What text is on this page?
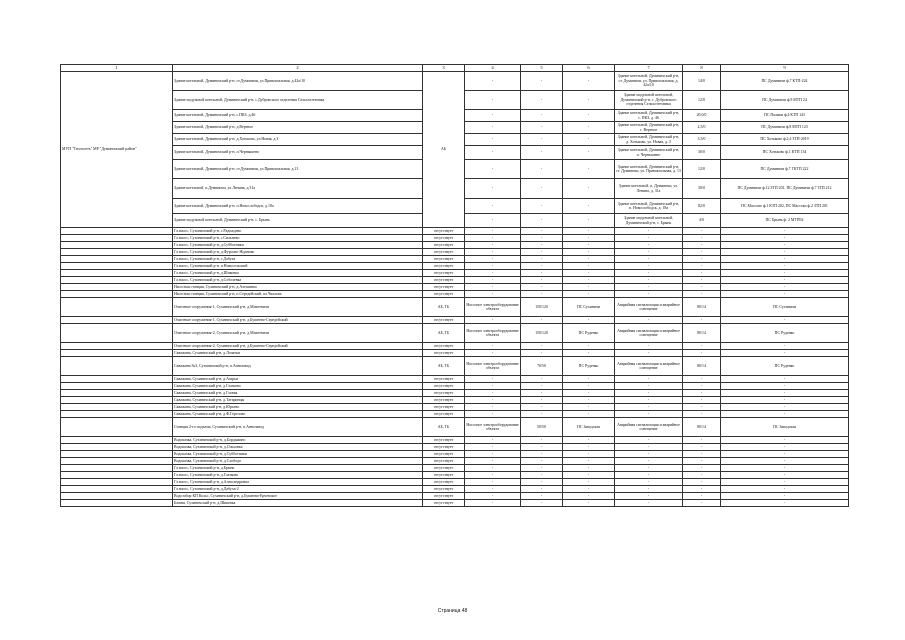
1	2	3	4	5	6	7	8	9
МУП "Теплосеть" МР "Думиничский район"	Здание котельной, Думиничский р-н, ст.Думиничи, ул.Привокзальная, д.42а/10	АБ	-	-	-	Здание котельной, Думиничский р-н, ст. Думиничи, ул. Привокзальная, д. 42а/10	14/0	ПС Думиничи ф.7 КТП-224
	Здание модульной котельной, Думиничский р-н, с.Дубровского отделения Сельхозтехника		-	-	-	Здание модульной котельной, Думиничский р-н, с. Дубровского отделения Сельхозтехника	12/0	ПС Думиничи ф.9 МТП 24
	Здание котельной, Думиничский р-н, с.ПКЗ, д.46		-	-	-	Здание котельной, Думиничский р-н, с. ПКЗ, д. 46	20,0/0	ПС Палики ф.4 КТП 143
	Здание котельной, Думиничский р-н, д.Вертное		-	-	-	Здание котельной, Думиничский р-н, с. Вертное	2,5/0	ПС Думиничи ф.8 МТП 123
	Здание котельной, Думиничский р-н, д.Хотьково, ул.Новая, д.3		-	-	-	Здание котельной, Думиничский р-н, д. Хотьково, ул. Новая, д. 3	3,5/0	ПС Хотьково ф.2,4 ЗТП-2019
	Здание котельной, Думиничский р-н, п.Чернышено		-	-	-	Здание котельной, Думиничский р-н, п. Чернышено	30/0	ПС Хотьково ф.1 КТП 134
	Здание котельной, Думиничский р-н, ст.Думиничи, ул.Привокзальная, д.13		-	-	-	Здание котельной, Думиничский р-н, ст. Думиничи, ул. Привокзальная, д. 13	12/0	ПС Думиничи ф.7 ГКТП 222
	Здание котельной, п.Думиничи, ул.Ленина, д.31а		-	-	-	Здание котельной, п. Думиничи, ул. Ленина, д. 31а	30/0	ПС Думиничи ф.12 ЗТП 201, ПС Думиничи ф.7 ЗТП 212
	Здание котельной, Думиничский р-н, п.Новослободск, д.18а		-	-	-	Здание котельной, Думиничский р-н, п. Новослободск, д. 18а	82/0	ПС Массово ф.1 КТП 202, ПС Массово ф.2 ЗТП 201
	Здание модульной котельной, Думиничский р-н, с. Брынь		-	-	-	Здание модульной котельной, Думиничский р-н, с. Брынь	4/0	ПС Брынь ф. 2 МТП92
	Гл.насос, Сухиничский р-н, с.Радождево	отсутствует	-	-	-	-	-	-
	Гл.насос, Сухиничский р-н, с.Сильнево	отсутствует	-	-	-	-	-	-
	Гл.насос, Сухиничский р-н, д.Субботники	отсутствует	-	-	-	-	-	-
	Гл.насос, Сухиничский р-н, д.Фурсово-Жданово	отсутствует	-	-	-	-	-	-
	Гл.насос, Сухиничский р-н, с.Дабуха	отсутствует	-	-	-	-	-	-
	Гл.насос, Сухиничский р-н, п.Новосельский	отсутствует	-	-	-	-	-	-
	Гл.насос, Сухиничский р-н, д.Шиковка	отсутствует	-	-	-	-	-	-
	Гл.насос, Сухиничский р-н, д.Соболевка	отсутствует	-	-	-	-	-	-
	Насосная станция, Сухиничский р-н, д.Алешинка	отсутствует	-	-	-	-	-	-
	Насосная станция, Сухиничский р-н, п.Середейский, пл.Чкалова	отсутствует	-	-	-	-	-	-
	Очистные сооружения-1, Сухиничский р-н, д.Михеевичи	АБ, ТБ	Насосное электрооборудование объекта	150/120	ПС Сухиничи	Аварийная сигнализация и аварийное освещение	80/14	ПС Сухиничи
	Очистные сооружения-1, Сухиничский р-н, д.Бушнево-Середейский	отсутствует	-	-	-	-	-	-
	Очистные сооружения-2, Сухиничский р-н, д.Михеевичи	АБ, ТБ	Насосное электрооборудование объекта	150/120	ПС Руденко	Аварийная сигнализация и аварийное освещение	80/14	ПС Руденко
	Очистные сооружения-2, Сухиничский р-н, д.Бушнево-Середейский	отсутствует	-	-	-	-	-	-
	Скважина, Сухиничский р-н, д.Лопатки	отсутствует	-	-	-	-	-	-
	Скважина №3, Сухиничский р-н, п.Аннозавод	АБ, ТБ	Насосное электрооборудование объекта	70/50	ПС Руденко	Аварийная сигнализация и аварийное освещение	80/14	ПС Руденко
	Скважина, Сухиничский р-н, д.Азарьи	отсутствует	-	-	-	-	-	-
	Скважина, Сухиничский р-н, д.Глазково	отсутствует	-	-	-	-	-	-
	Скважина, Сухиничский р-н, д.Гловая	отсутствует	-	-	-	-	-	-
	Скважина, Сухиничский р-н, д.Татаринцы	отсутствует	-	-	-	-	-	-
	Скважина, Сухиничский р-н, д.Юрьево	отсутствует	-	-	-	-	-	-
	Скважина, Сухиничский р-н, д.Ф.Горелово	отсутствует	-	-	-	-	-	-
	Станция 2-го подъема, Сухиничский р-н, п.Аннозавод	АБ, ТБ	Насосное электрооборудование объекта	50/50	ПС Заводская	Аварийная сигнализация и аварийное освещение	80/14	ПС Заводская
	Водокачка, Сухиничский р-н, д.Бордыкино	отсутствует	-	-	-	-	-	-
	Водокачка, Сухиничский р-н, д.Ольховка	отсутствует	-	-	-	-	-	-
	Водокачка, Сухиничский р-н, д.Субботники	отсутствует	-	-	-	-	-	-
	Водокачка, Сухиничский р-н, д.Слобода	отсутствует	-	-	-	-	-	-
	Гл.насос, Сухиничский р-н, д.Брынь	отсутствует	-	-	-	-	-	-
	Гл.насос, Сухиничский р-н, д.Глазково	отсутствует	-	-	-	-	-	-
	Гл.насос, Сухиничский р-н, д.Александровка	отсутствует	-	-	-	-	-	-
	Гл.насос, Сухиничский р-н, д.Дабуха-2	отсутствует	-	-	-	-	-	-
	Водозабор КП Кольс, Сухиничский р-н, д.Бушнево-Ерчевское	отсутствует	-	-	-	-	-	-
	Башня, Сухиничский р-н, д.Шиковка	отсутствует	-	-	-	-	-	-
Страница 48
